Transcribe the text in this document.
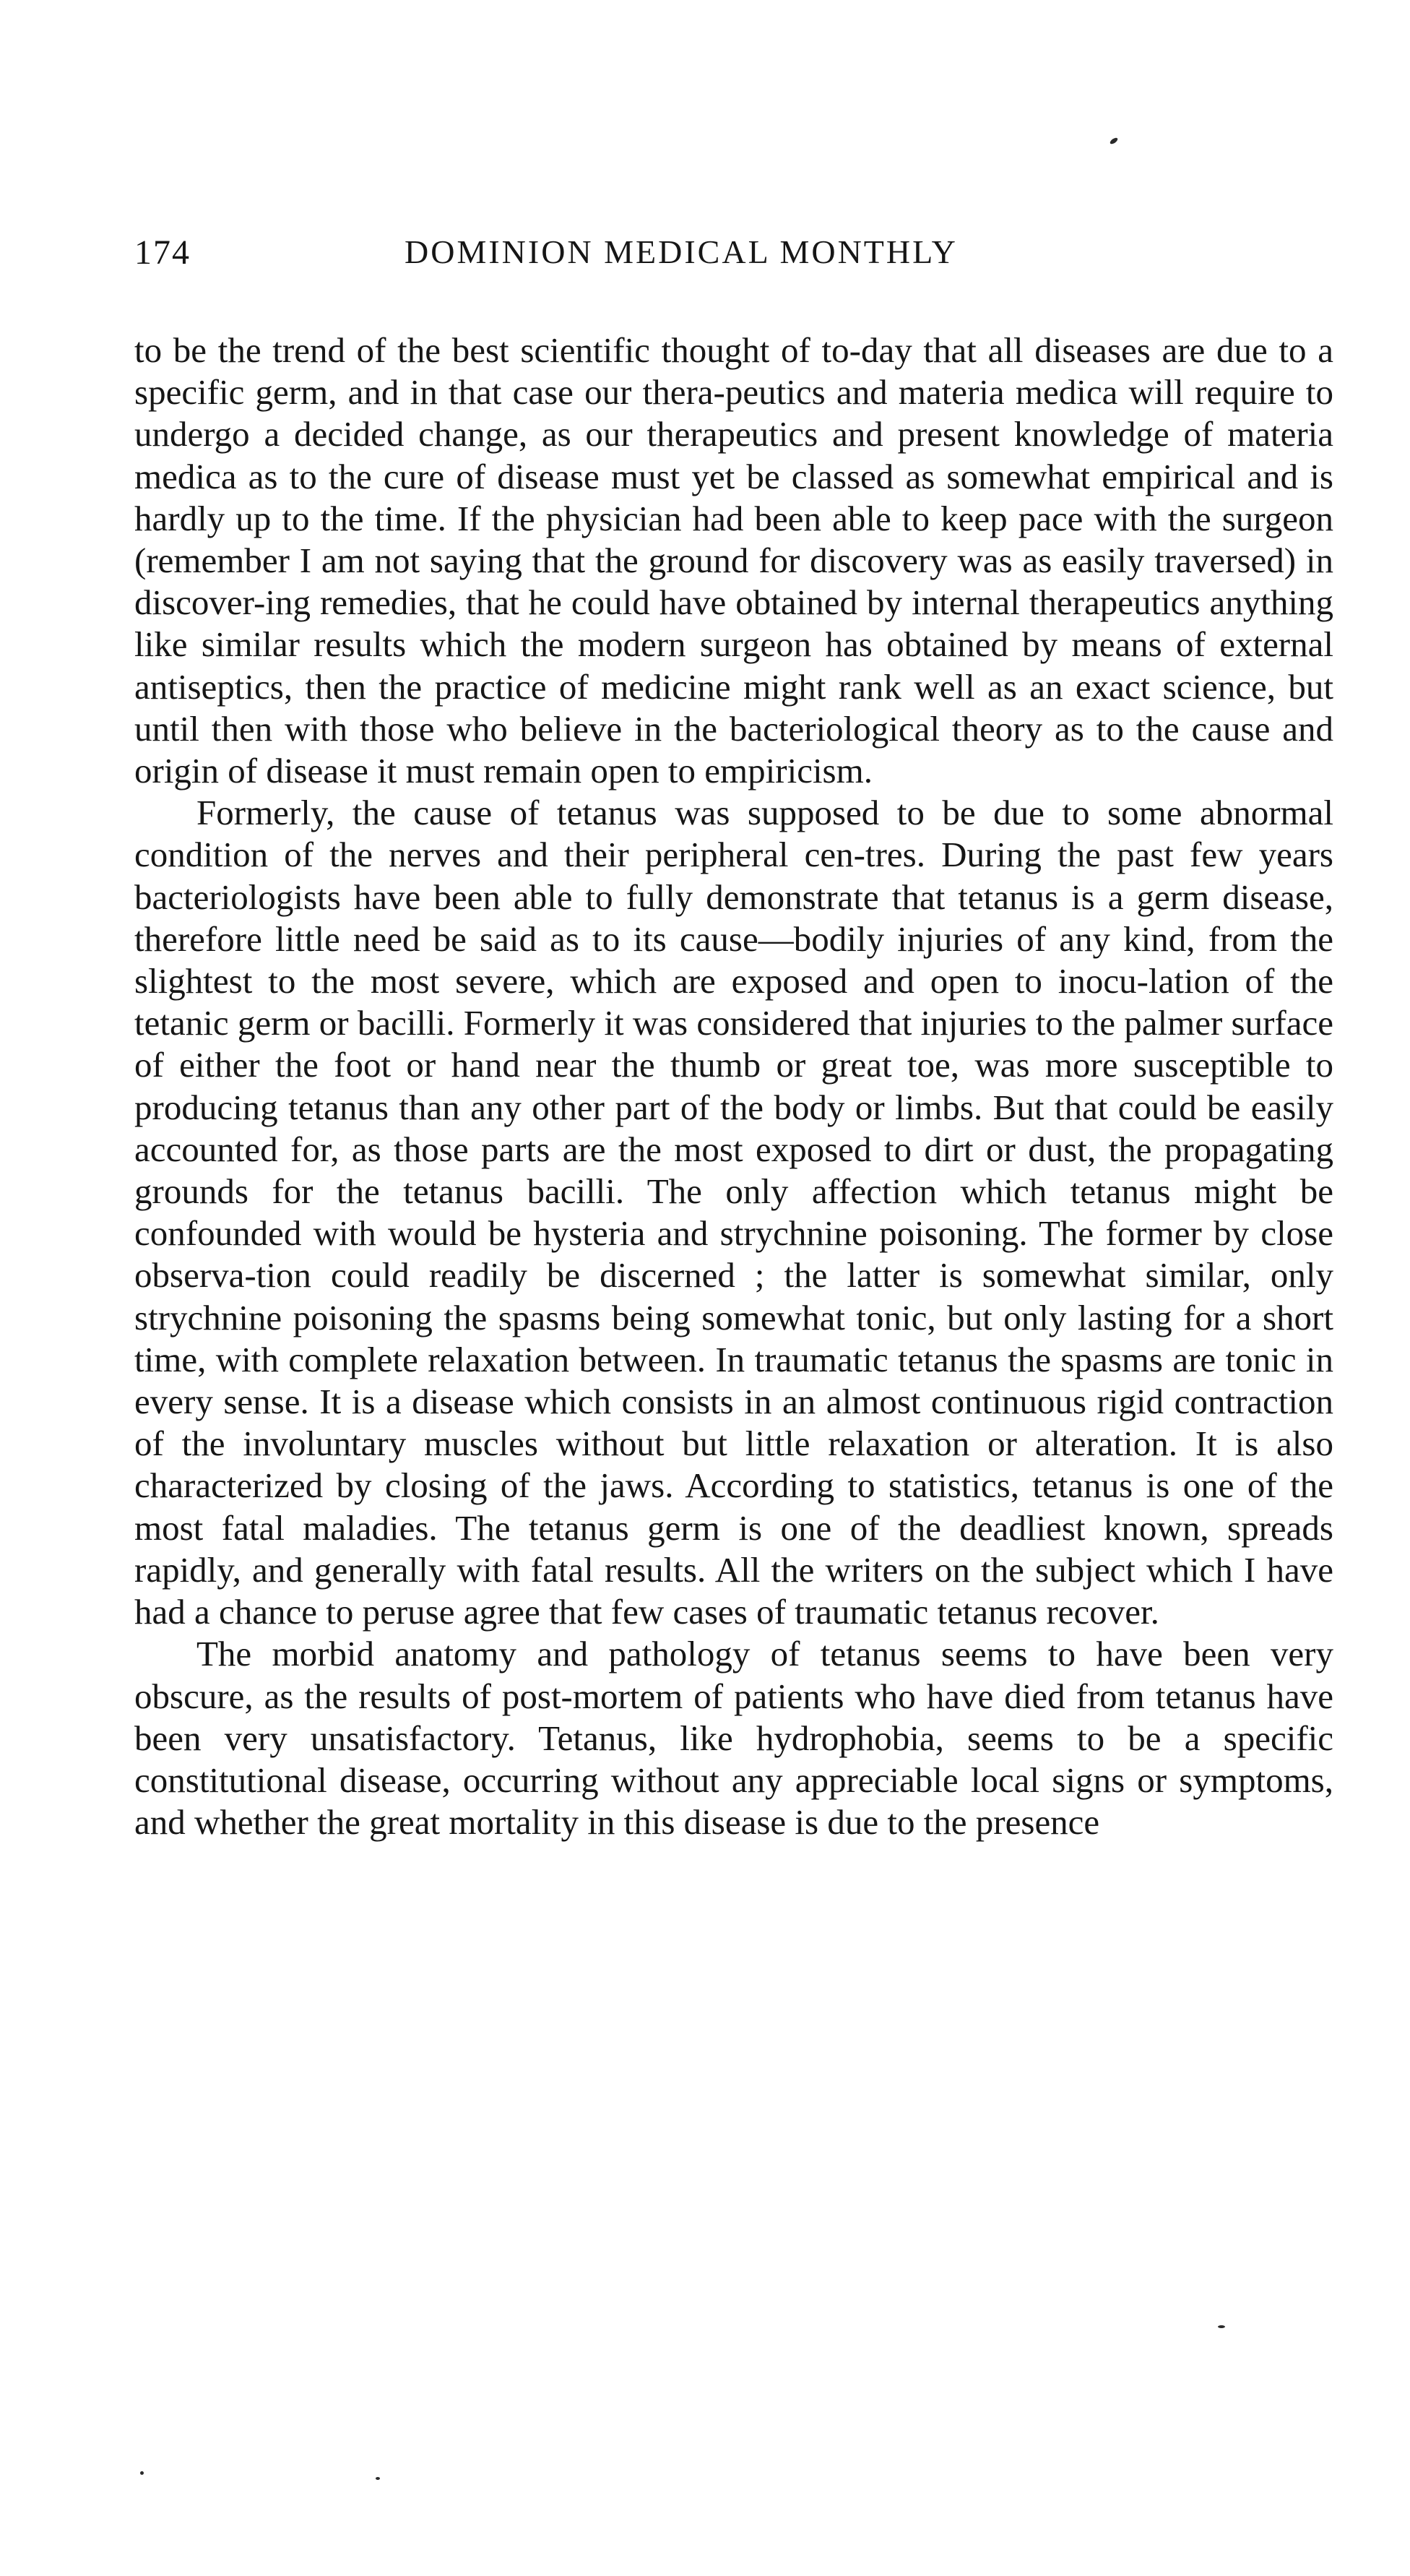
174	DOMINION MEDICAL MONTHLY

to be the trend of the best scientific thought of to-day that all diseases are due to a specific germ, and in that case our thera-peutics and materia medica will require to undergo a decided change, as our therapeutics and present knowledge of materia medica as to the cure of disease must yet be classed as somewhat empirical and is hardly up to the time. If the physician had been able to keep pace with the surgeon (remember I am not saying that the ground for discovery was as easily traversed) in discover-ing remedies, that he could have obtained by internal therapeutics anything like similar results which the modern surgeon has obtained by means of external antiseptics, then the practice of medicine might rank well as an exact science, but until then with those who believe in the bacteriological theory as to the cause and origin of disease it must remain open to empiricism.

Formerly, the cause of tetanus was supposed to be due to some abnormal condition of the nerves and their peripheral cen-tres. During the past few years bacteriologists have been able to fully demonstrate that tetanus is a germ disease, therefore little need be said as to its cause—bodily injuries of any kind, from the slightest to the most severe, which are exposed and open to inocu-lation of the tetanic germ or bacilli. Formerly it was considered that injuries to the palmer surface of either the foot or hand near the thumb or great toe, was more susceptible to producing tetanus than any other part of the body or limbs. But that could be easily accounted for, as those parts are the most exposed to dirt or dust, the propagating grounds for the tetanus bacilli. The only affection which tetanus might be confounded with would be hysteria and strychnine poisoning. The former by close observa-tion could readily be discerned ; the latter is somewhat similar, only strychnine poisoning the spasms being somewhat tonic, but only lasting for a short time, with complete relaxation between. In traumatic tetanus the spasms are tonic in every sense. It is a disease which consists in an almost continuous rigid contraction of the involuntary muscles without but little relaxation or alteration. It is also characterized by closing of the jaws. According to statistics, tetanus is one of the most fatal maladies. The tetanus germ is one of the deadliest known, spreads rapidly, and generally with fatal results. All the writers on the subject which I have had a chance to peruse agree that few cases of traumatic tetanus recover.

The morbid anatomy and pathology of tetanus seems to have been very obscure, as the results of post-mortem of patients who have died from tetanus have been very unsatisfactory. Tetanus, like hydrophobia, seems to be a specific constitutional disease, occurring without any appreciable local signs or symptoms, and whether the great mortality in this disease is due to the presence
